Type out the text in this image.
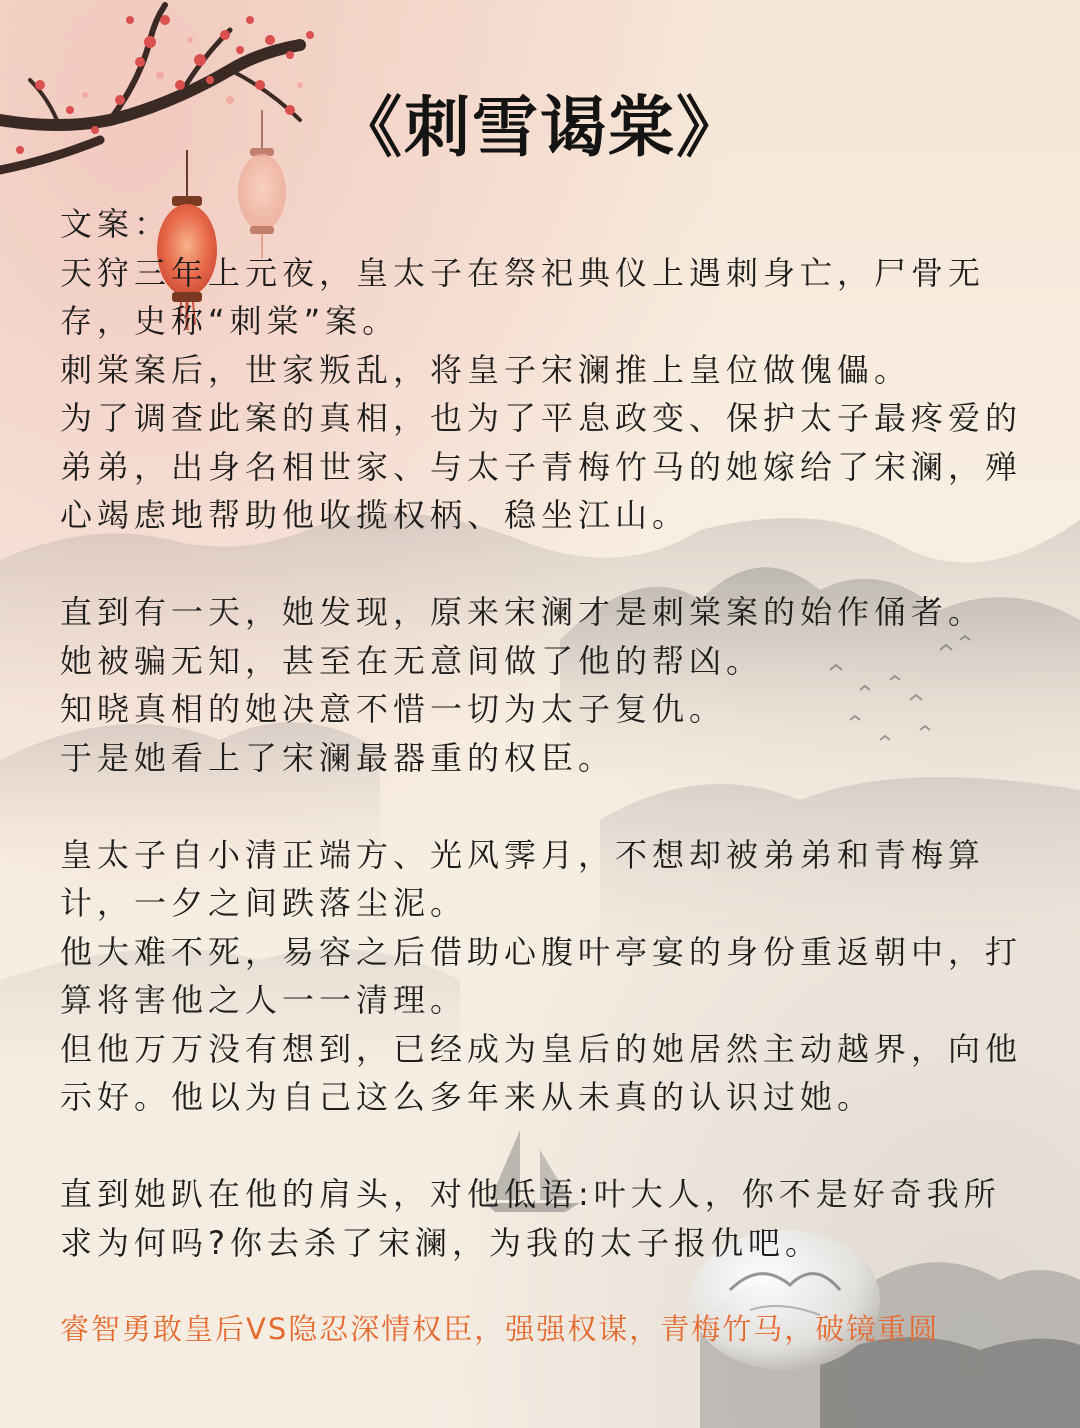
《刺雪谒棠》

文案：

天狩三年上元夜，皇太子在祭祀典仪上遇刺身亡，尸骨无存，史称“刺棠”案。

刺棠案后，世家叛乱，将皇子宋澜推上皇位做傀儡。

为了调查此案的真相，也为了平息政变、保护太子最疼爱的弟弟，出身名相世家、与太子青梅竹马的她嫁给了宋澜，殚心竭虑地帮助他收揽权柄、稳坐江山。

直到有一天，她发现，原来宋澜才是刺棠案的始作俑者。

她被骗无知，甚至在无意间做了他的帮凶。

知晓真相的她决意不惜一切为太子复仇。

于是她看上了宋澜最器重的权臣。

皇太子自小清正端方、光风霁月，不想却被弟弟和青梅算计，一夕之间跌落尘泥。

他大难不死，易容之后借助心腹叶亭宴的身份重返朝中，打算将害他之人一一清理。

但他万万没有想到，已经成为皇后的她居然主动越界，向他示好。他以为自己这么多年来从未真的认识过她。

直到她趴在他的肩头，对他低语:叶大人，你不是好奇我所求为何吗?你去杀了宋澜，为我的太子报仇吧。

睿智勇敢皇后VS隐忍深情权臣，强强权谋，青梅竹马，破镜重圆
